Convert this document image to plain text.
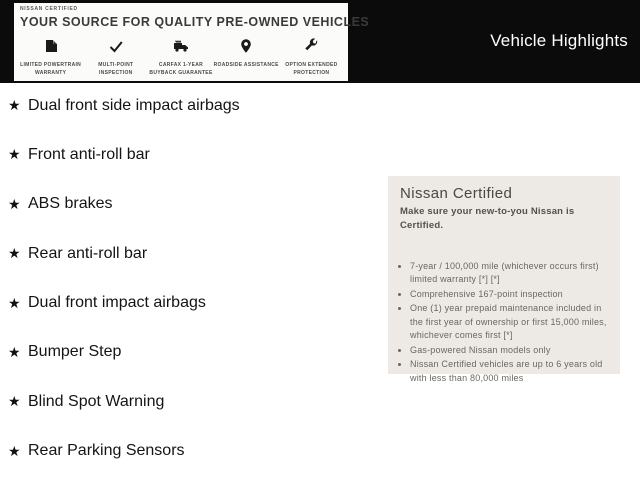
NISSAN CERTIFIED
YOUR SOURCE FOR QUALITY PRE-OWNED VEHICLES
LIMITED POWERTRAIN WARRANTY
MULTI-POINT INSPECTION
CARFAX 1-YEAR BUYBACK GUARANTEE
ROADSIDE ASSISTANCE	OPTION EXTENDED PROTECTION
Vehicle Highlights
★ Dual front side impact airbags
★ Front anti-roll bar
★ ABS brakes
★ Rear anti-roll bar
★ Dual front impact airbags
★ Bumper Step
★ Blind Spot Warning
★ Rear Parking Sensors
Nissan Certified
Make sure your new-to-you Nissan is Certified.
• 7-year / 100,000 mile (whichever occurs first) limited warranty [*] [*]
• Comprehensive 167-point inspection
• One (1) year prepaid maintenance included in the first year of ownership or first 15,000 miles, whichever comes first [*]
• Gas-powered Nissan models only
• Nissan Certified vehicles are up to 6 years old with less than 80,000 miles
